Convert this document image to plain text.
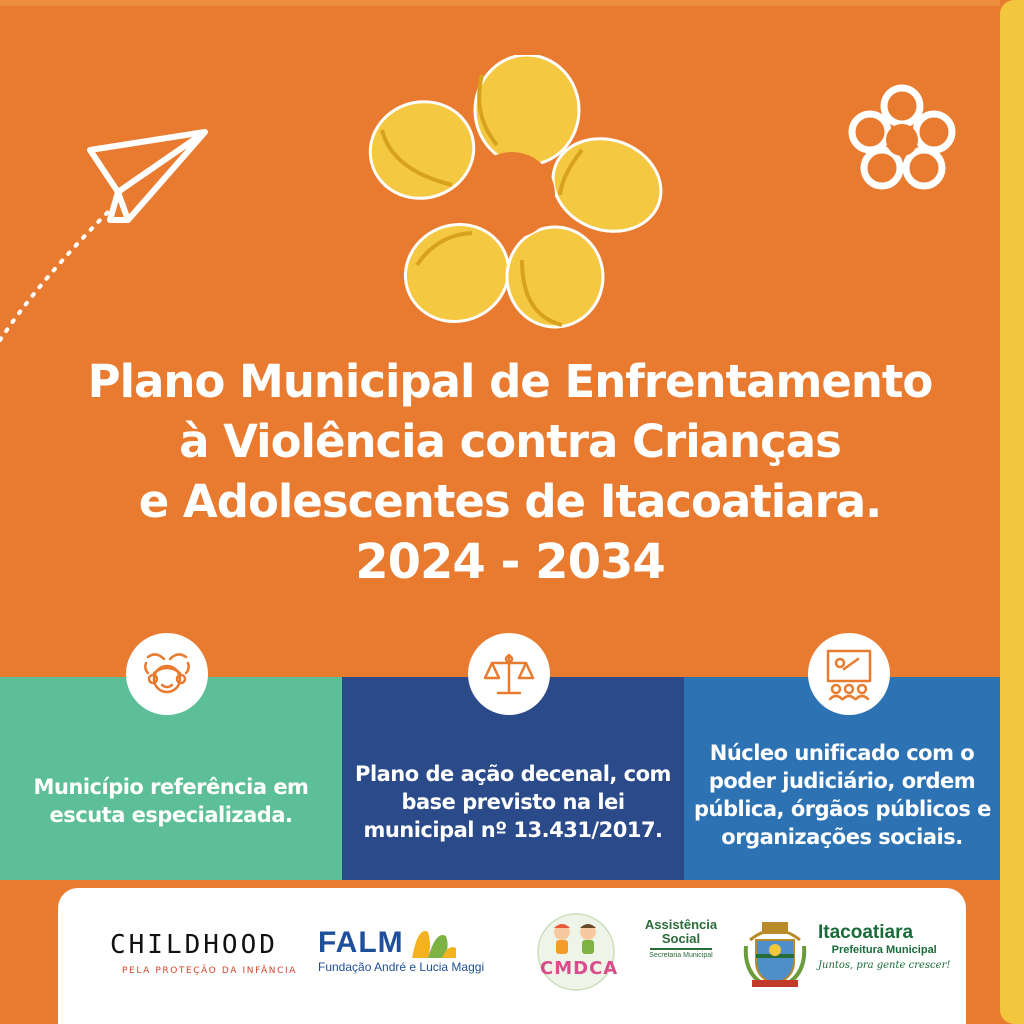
Plano Municipal de Enfrentamento
à Violência contra Crianças
e Adolescentes de Itacoatiara.
2024 - 2034
Município referência em
escuta especializada.
Plano de ação decenal, com
base previsto na lei
municipal nº 13.431/2017.
Núcleo unificado com o
poder judiciário, ordem
pública, órgãos públicos e
organizações sociais.
CHILDHOOD
PELA PROTEÇÃO DA INFÂNCIA
FALM
Fundação André e Lucia Maggi	CMDCA
Assistência
Social
Secretaria Municipal
Itacoatiara
Prefeitura Municipal
Juntos, pra gente crescer!
